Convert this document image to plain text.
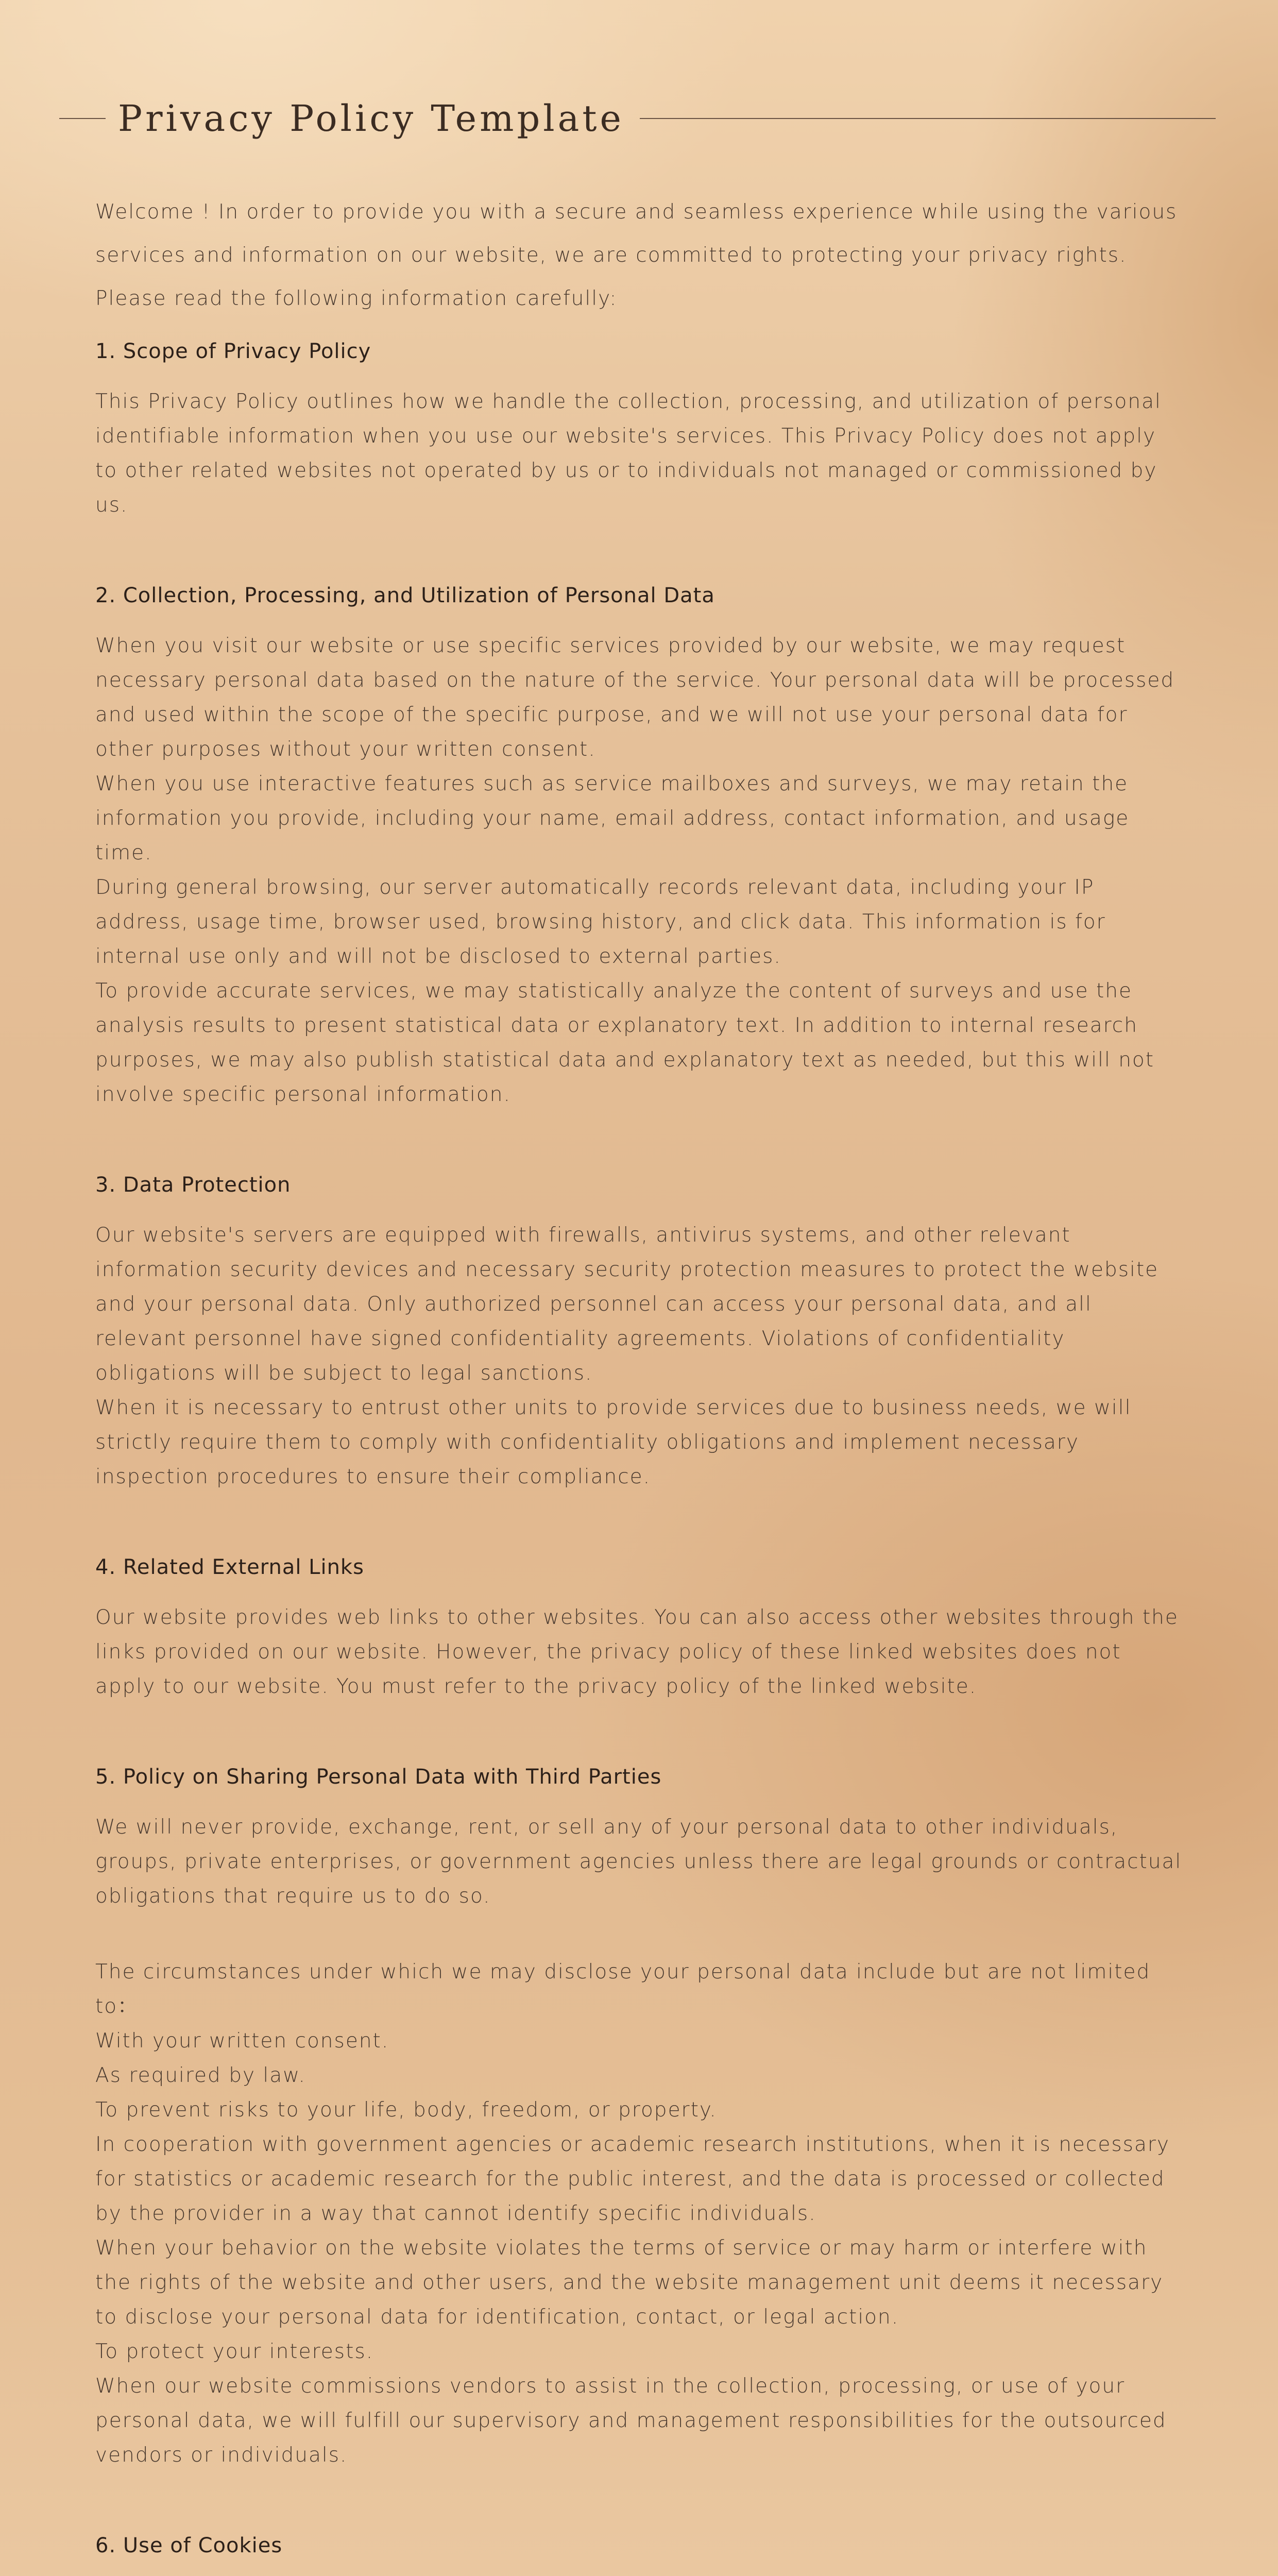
Privacy Policy Template

Welcome ! In order to provide you with a secure and seamless experience while using the various services and information on our website, we are committed to protecting your privacy rights. Please read the following information carefully:

1. Scope of Privacy Policy

This Privacy Policy outlines how we handle the collection, processing, and utilization of personal identifiable information when you use our website's services. This Privacy Policy does not apply to other related websites not operated by us or to individuals not managed or commissioned by us.

2. Collection, Processing, and Utilization of Personal Data

When you visit our website or use specific services provided by our website, we may request necessary personal data based on the nature of the service. Your personal data will be processed and used within the scope of the specific purpose, and we will not use your personal data for other purposes without your written consent.

When you use interactive features such as service mailboxes and surveys, we may retain the information you provide, including your name, email address, contact information, and usage time.

During general browsing, our server automatically records relevant data, including your IP address, usage time, browser used, browsing history, and click data. This information is for internal use only and will not be disclosed to external parties.

To provide accurate services, we may statistically analyze the content of surveys and use the analysis results to present statistical data or explanatory text. In addition to internal research purposes, we may also publish statistical data and explanatory text as needed, but this will not involve specific personal information.

3. Data Protection

Our website's servers are equipped with firewalls, antivirus systems, and other relevant information security devices and necessary security protection measures to protect the website and your personal data. Only authorized personnel can access your personal data, and all relevant personnel have signed confidentiality agreements. Violations of confidentiality obligations will be subject to legal sanctions.

When it is necessary to entrust other units to provide services due to business needs, we will strictly require them to comply with confidentiality obligations and implement necessary inspection procedures to ensure their compliance.

4. Related External Links

Our website provides web links to other websites. You can also access other websites through the links provided on our website. However, the privacy policy of these linked websites does not apply to our website. You must refer to the privacy policy of the linked website.

5. Policy on Sharing Personal Data with Third Parties

We will never provide, exchange, rent, or sell any of your personal data to other individuals, groups, private enterprises, or government agencies unless there are legal grounds or contractual obligations that require us to do so.

The circumstances under which we may disclose your personal data include but are not limited to：

With your written consent.

As required by law.

To prevent risks to your life, body, freedom, or property.

In cooperation with government agencies or academic research institutions, when it is necessary for statistics or academic research for the public interest, and the data is processed or collected by the provider in a way that cannot identify specific individuals.

When your behavior on the website violates the terms of service or may harm or interfere with the rights of the website and other users, and the website management unit deems it necessary to disclose your personal data for identification, contact, or legal action.

To protect your interests.

When our website commissions vendors to assist in the collection, processing, or use of your personal data, we will fulfill our supervisory and management responsibilities for the outsourced vendors or individuals.

6. Use of Cookies
